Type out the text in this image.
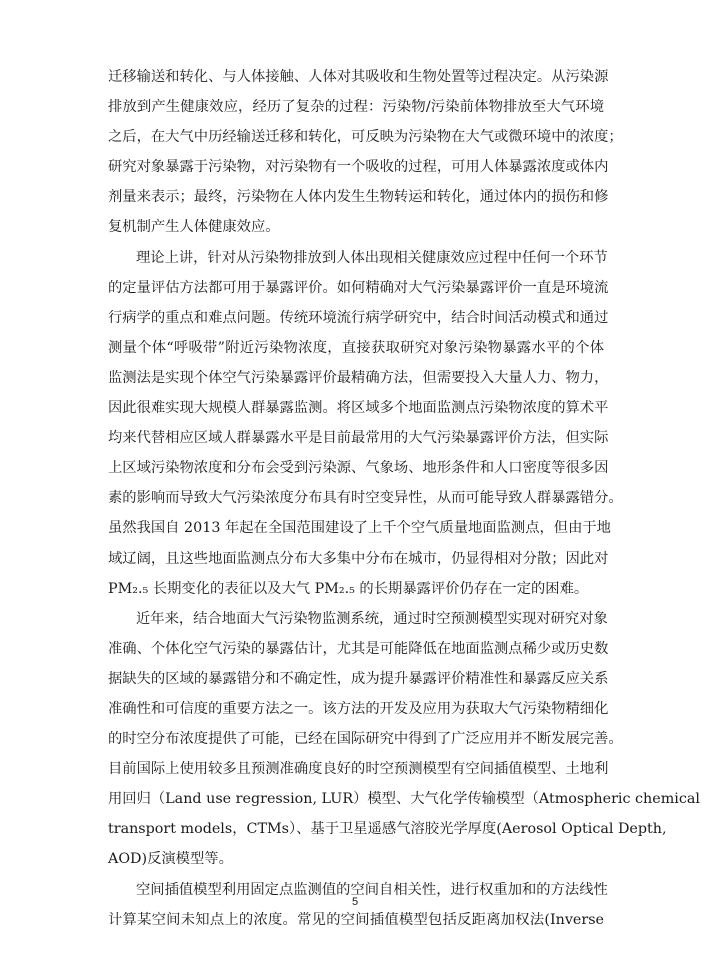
迁移输送和转化、与人体接触、人体对其吸收和生物处置等过程决定。从污染源
排放到产生健康效应，经历了复杂的过程：污染物/污染前体物排放至大气环境
之后，在大气中历经输送迁移和转化，可反映为污染物在大气或微环境中的浓度；
研究对象暴露于污染物，对污染物有一个吸收的过程，可用人体暴露浓度或体内
剂量来表示；最终，污染物在人体内发生生物转运和转化，通过体内的损伤和修
复机制产生人体健康效应。
理论上讲，针对从污染物排放到人体出现相关健康效应过程中任何一个环节
的定量评估方法都可用于暴露评价。如何精确对大气污染暴露评价一直是环境流
行病学的重点和难点问题。传统环境流行病学研究中，结合时间活动模式和通过
测量个体“呼吸带”附近污染物浓度，直接获取研究对象污染物暴露水平的个体
监测法是实现个体空气污染暴露评价最精确方法，但需要投入大量人力、物力，
因此很难实现大规模人群暴露监测。将区域多个地面监测点污染物浓度的算术平
均来代替相应区域人群暴露水平是目前最常用的大气污染暴露评价方法，但实际
上区域污染物浓度和分布会受到污染源、气象场、地形条件和人口密度等很多因
素的影响而导致大气污染浓度分布具有时空变异性，从而可能导致人群暴露错分。
虽然我国自 2013 年起在全国范围建设了上千个空气质量地面监测点，但由于地
域辽阔，且这些地面监测点分布大多集中分布在城市，仍显得相对分散；因此对
PM₂.₅ 长期变化的表征以及大气 PM₂.₅ 的长期暴露评价仍存在一定的困难。
近年来，结合地面大气污染物监测系统，通过时空预测模型实现对研究对象
准确、个体化空气污染的暴露估计，尤其是可能降低在地面监测点稀少或历史数
据缺失的区域的暴露错分和不确定性，成为提升暴露评价精准性和暴露反应关系
准确性和可信度的重要方法之一。该方法的开发及应用为获取大气污染物精细化
的时空分布浓度提供了可能，已经在国际研究中得到了广泛应用并不断发展完善。
目前国际上使用较多且预测准确度良好的时空预测模型有空间插值模型、土地利
用回归（Land use regression, LUR）模型、大气化学传输模型（Atmospheric chemical
transport models，CTMs）、基于卫星遥感气溶胶光学厚度(Aerosol Optical Depth,
AOD)反演模型等。
空间插值模型利用固定点监测值的空间自相关性，进行权重加和的方法线性
计算某空间未知点上的浓度。常见的空间插值模型包括反距离加权法(Inverse
5
